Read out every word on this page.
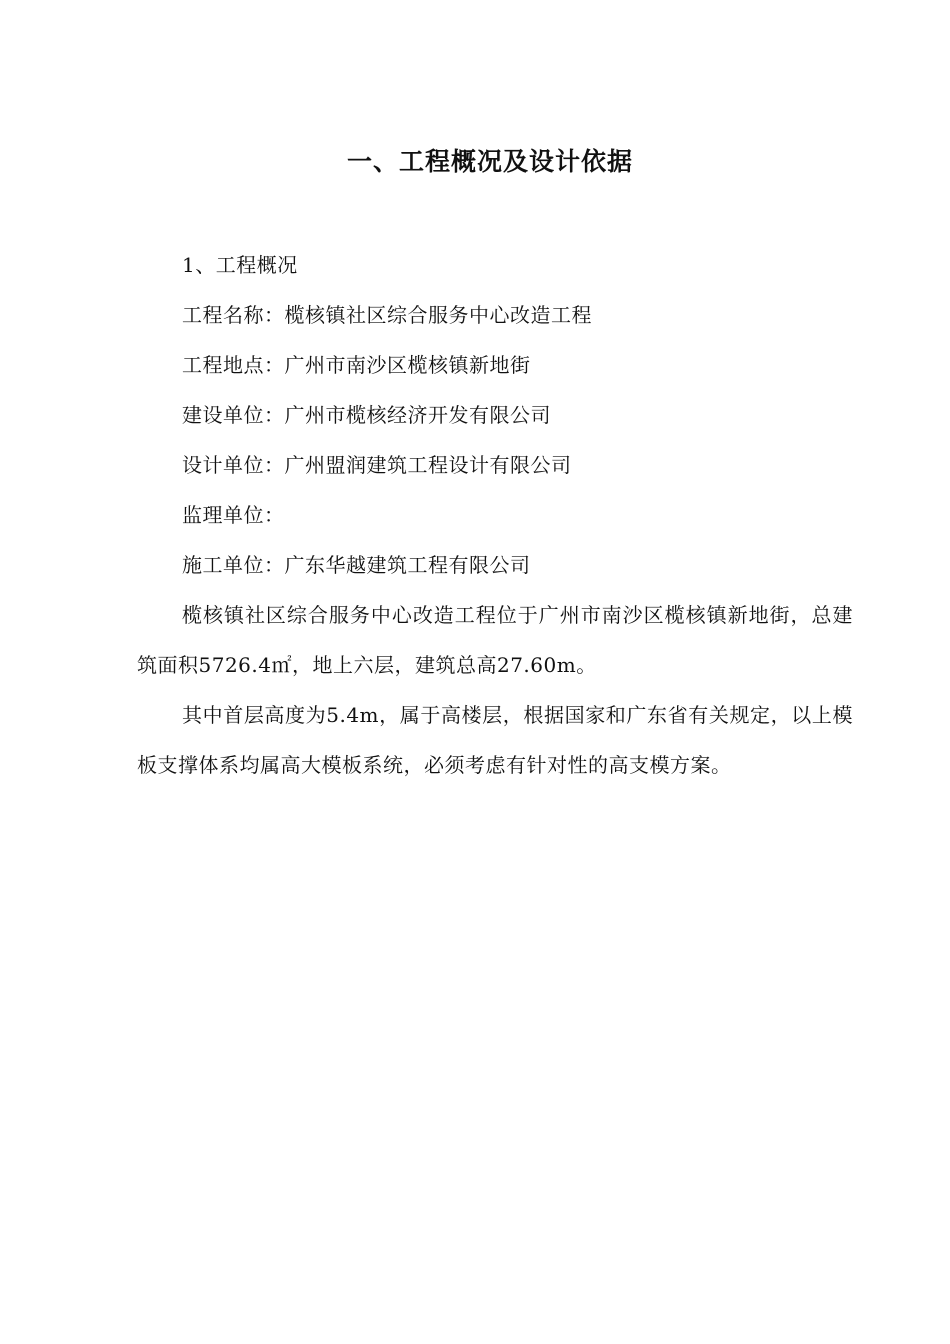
一、工程概况及设计依据

1、工程概况

工程名称：榄核镇社区综合服务中心改造工程

工程地点：广州市南沙区榄核镇新地街

建设单位：广州市榄核经济开发有限公司

设计单位：广州盟润建筑工程设计有限公司

监理单位：

施工单位：广东华越建筑工程有限公司

榄核镇社区综合服务中心改造工程位于广州市南沙区榄核镇新地街，总建筑面积5726.4㎡，地上六层，建筑总高27.60m。

其中首层高度为5.4m，属于高楼层，根据国家和广东省有关规定，以上模板支撑体系均属高大模板系统，必须考虑有针对性的高支模方案。
